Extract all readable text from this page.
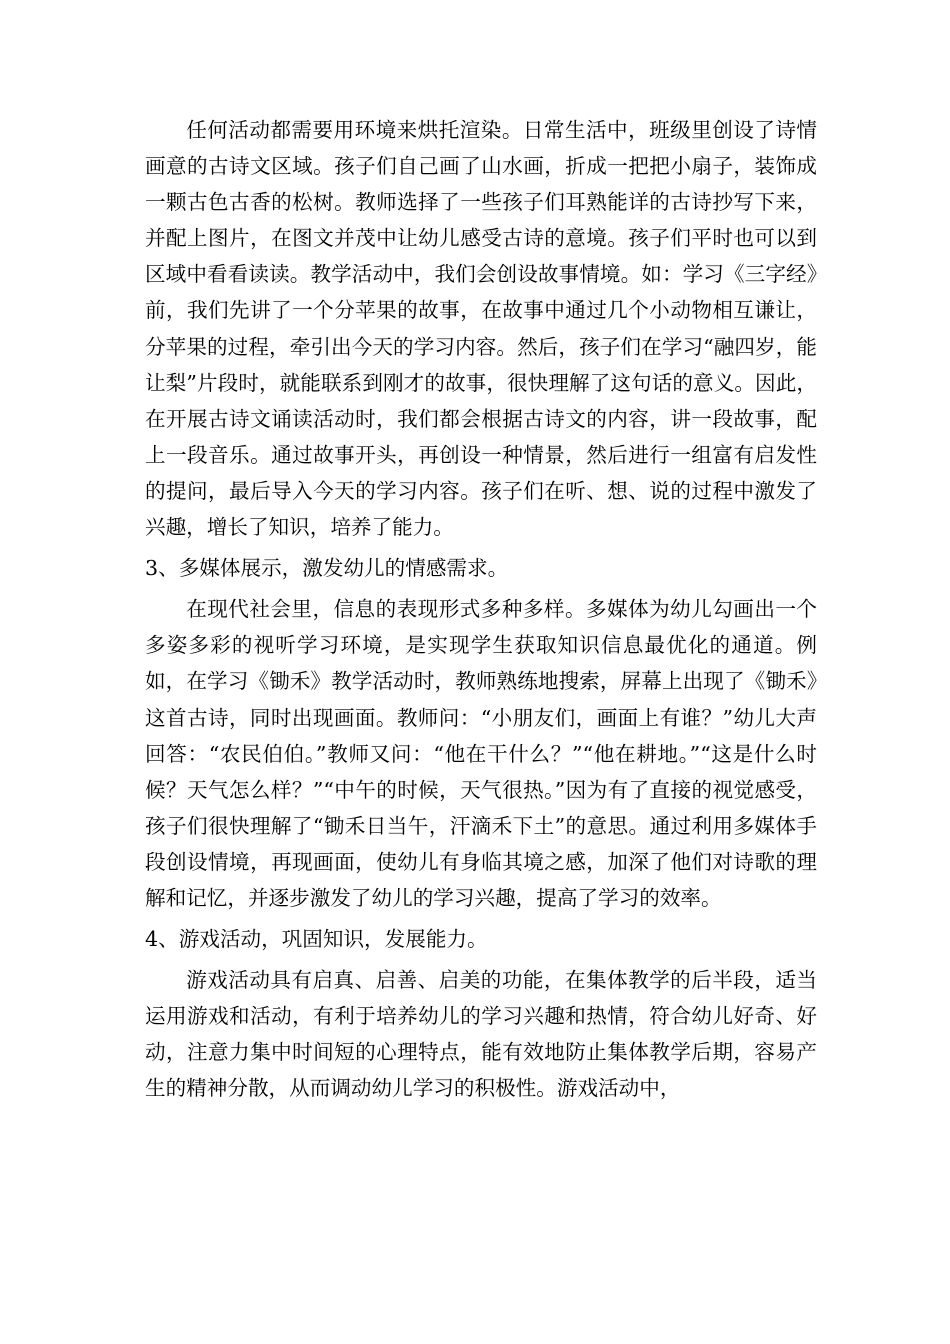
任何活动都需要用环境来烘托渲染。日常生活中，班级里创设了诗情画意的古诗文区域。孩子们自己画了山水画，折成一把把小扇子，装饰成一颗古色古香的松树。教师选择了一些孩子们耳熟能详的古诗抄写下来，并配上图片，在图文并茂中让幼儿感受古诗的意境。孩子们平时也可以到区域中看看读读。教学活动中，我们会创设故事情境。如：学习《三字经》前，我们先讲了一个分苹果的故事，在故事中通过几个小动物相互谦让，分苹果的过程，牵引出今天的学习内容。然后，孩子们在学习“融四岁，能让梨”片段时，就能联系到刚才的故事，很快理解了这句话的意义。因此，在开展古诗文诵读活动时，我们都会根据古诗文的内容，讲一段故事，配上一段音乐。通过故事开头，再创设一种情景，然后进行一组富有启发性的提问，最后导入今天的学习内容。孩子们在听、想、说的过程中激发了兴趣，增长了知识，培养了能力。

3、多媒体展示，激发幼儿的情感需求。

在现代社会里，信息的表现形式多种多样。多媒体为幼儿勾画出一个多姿多彩的视听学习环境，是实现学生获取知识信息最优化的通道。例如，在学习《锄禾》教学活动时，教师熟练地搜索，屏幕上出现了《锄禾》这首古诗，同时出现画面。教师问：“小朋友们，画面上有谁？”幼儿大声回答：“农民伯伯。”教师又问：“他在干什么？”“他在耕地。”“这是什么时候？天气怎么样？”“中午的时候，天气很热。”因为有了直接的视觉感受，孩子们很快理解了“锄禾日当午，汗滴禾下土”的意思。通过利用多媒体手段创设情境，再现画面，使幼儿有身临其境之感，加深了他们对诗歌的理解和记忆，并逐步激发了幼儿的学习兴趣，提高了学习的效率。

4、游戏活动，巩固知识，发展能力。

游戏活动具有启真、启善、启美的功能，在集体教学的后半段，适当运用游戏和活动，有利于培养幼儿的学习兴趣和热情，符合幼儿好奇、好动，注意力集中时间短的心理特点，能有效地防止集体教学后期，容易产生的精神分散，从而调动幼儿学习的积极性。游戏活动中，
